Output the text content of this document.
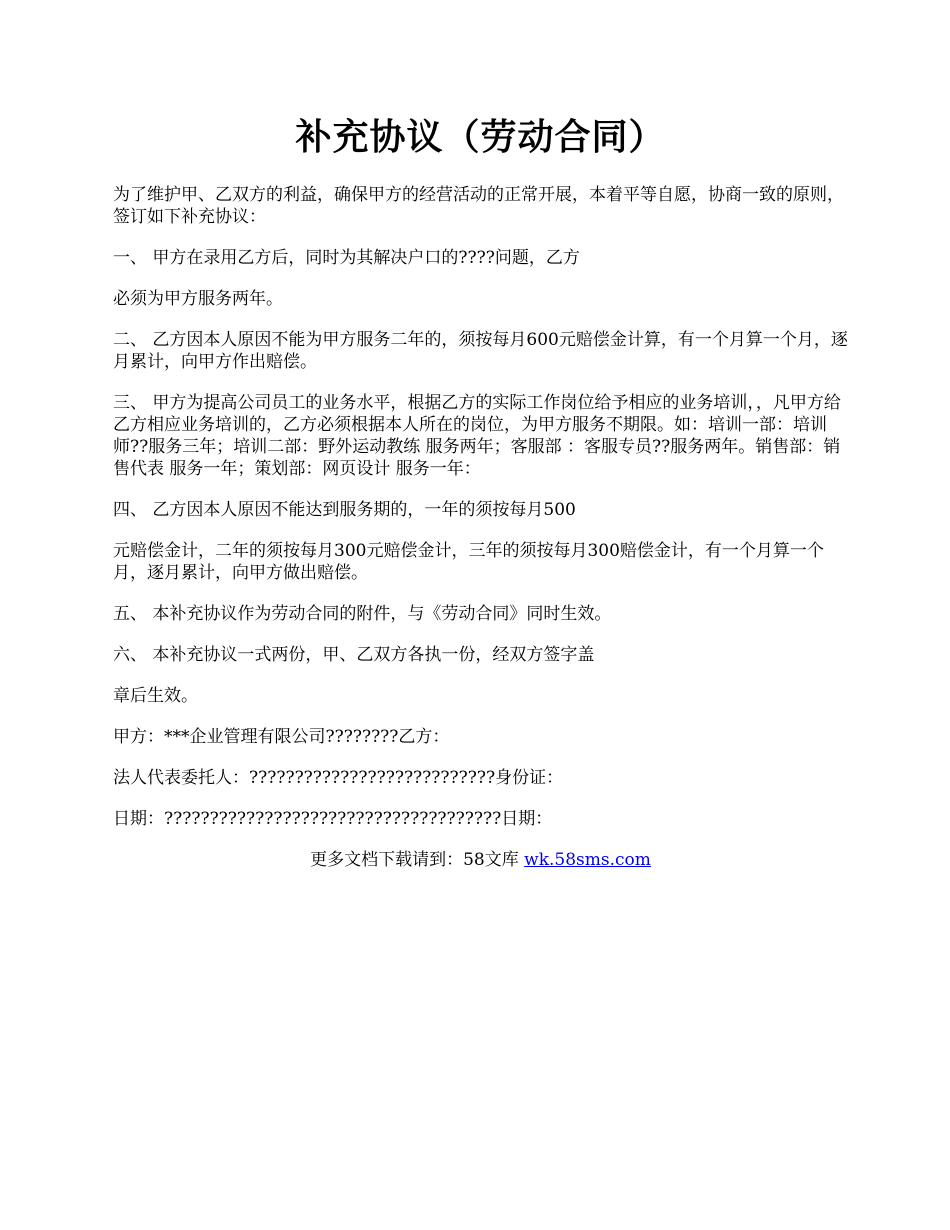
补充协议（劳动合同）

为了维护甲、乙双方的利益，确保甲方的经营活动的正常开展，本着平等自愿，协商一致的原则，签订如下补充协议：

一、 甲方在录用乙方后，同时为其解决户口的????问题，乙方

必须为甲方服务两年。

二、 乙方因本人原因不能为甲方服务二年的，须按每月600元赔偿金计算，有一个月算一个月，逐月累计，向甲方作出赔偿。

三、 甲方为提高公司员工的业务水平，根据乙方的实际工作岗位给予相应的业务培训，，凡甲方给乙方相应业务培训的，乙方必须根据本人所在的岗位，为甲方服务不期限。如：培训一部：培训师??服务三年；培训二部：野外运动教练 服务两年；客服部 ：客服专员??服务两年。销售部：销售代表 服务一年；策划部：网页设计 服务一年：

四、 乙方因本人原因不能达到服务期的，一年的须按每月500

元赔偿金计，二年的须按每月300元赔偿金计，三年的须按每月300赔偿金计，有一个月算一个月，逐月累计，向甲方做出赔偿。

五、 本补充协议作为劳动合同的附件，与《劳动合同》同时生效。

六、 本补充协议一式两份，甲、乙双方各执一份，经双方签字盖

章后生效。

甲方：***企业管理有限公司????????乙方：

法人代表委托人：???????????????????????????身份证：

日期：?????????????????????????????????????日期：

更多文档下载请到：58文库 wk.58sms.com
